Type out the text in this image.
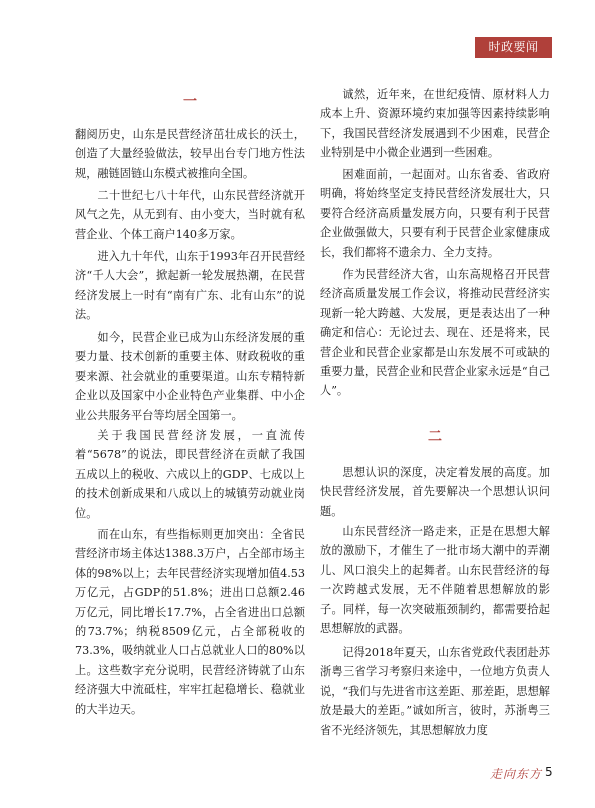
时政要闻
一

翻阅历史，山东是民营经济茁壮成长的沃土，创造了大量经验做法，较早出台专门地方性法规，融链固链山东模式被推向全国。

二十世纪七八十年代，山东民营经济就开风气之先，从无到有、由小变大，当时就有私营企业、个体工商户140多万家。

进入九十年代，山东于1993年召开民营经济“千人大会”，掀起新一轮发展热潮，在民营经济发展上一时有“南有广东、北有山东”的说法。

如今，民营企业已成为山东经济发展的重要力量、技术创新的重要主体、财政税收的重要来源、社会就业的重要渠道。山东专精特新企业以及国家中小企业特色产业集群、中小企业公共服务平台等均居全国第一。

关于我国民营经济发展，一直流传着“5678”的说法，即民营经济在贡献了我国五成以上的税收、六成以上的GDP、七成以上的技术创新成果和八成以上的城镇劳动就业岗位。

而在山东，有些指标则更加突出：全省民营经济市场主体达1388.3万户，占全部市场主体的98%以上；去年民营经济实现增加值4.53万亿元，占GDP的51.8%；进出口总额2.46万亿元，同比增长17.7%，占全省进出口总额的73.7%；纳税8509亿元，占全部税收的73.3%，吸纳就业人口占总就业人口的80%以上。这些数字充分说明，民营经济铸就了山东经济强大中流砥柱，牢牢扛起稳增长、稳就业的大半边天。

诚然，近年来，在世纪疫情、原材料人力成本上升、资源环境约束加强等因素持续影响下，我国民营经济发展遇到不少困难，民营企业特别是中小微企业遇到一些困难。

困难面前，一起面对。山东省委、省政府明确，将始终坚定支持民营经济发展壮大，只要符合经济高质量发展方向，只要有利于民营企业做强做大，只要有利于民营企业家健康成长，我们都将不遗余力、全力支持。

作为民营经济大省，山东高规格召开民营经济高质量发展工作会议，将推动民营经济实现新一轮大跨越、大发展，更是表达出了一种确定和信心：无论过去、现在、还是将来，民营企业和民营企业家都是山东发展不可或缺的重要力量，民营企业和民营企业家永远是“自己人”。

二

思想认识的深度，决定着发展的高度。加快民营经济发展，首先要解决一个思想认识问题。

山东民营经济一路走来，正是在思想大解放的激励下，才催生了一批市场大潮中的弄潮儿、风口浪尖上的起舞者。山东民营经济的每一次跨越式发展，无不伴随着思想解放的影子。同样，每一次突破瓶颈制约，都需要拾起思想解放的武器。

记得2018年夏天，山东省党政代表团赴苏浙粤三省学习考察归来途中，一位地方负责人说，“我们与先进省市这差距、那差距，思想解放是最大的差距。”诚如所言，彼时，苏浙粤三省不光经济领先，其思想解放力度

走向东方 5
